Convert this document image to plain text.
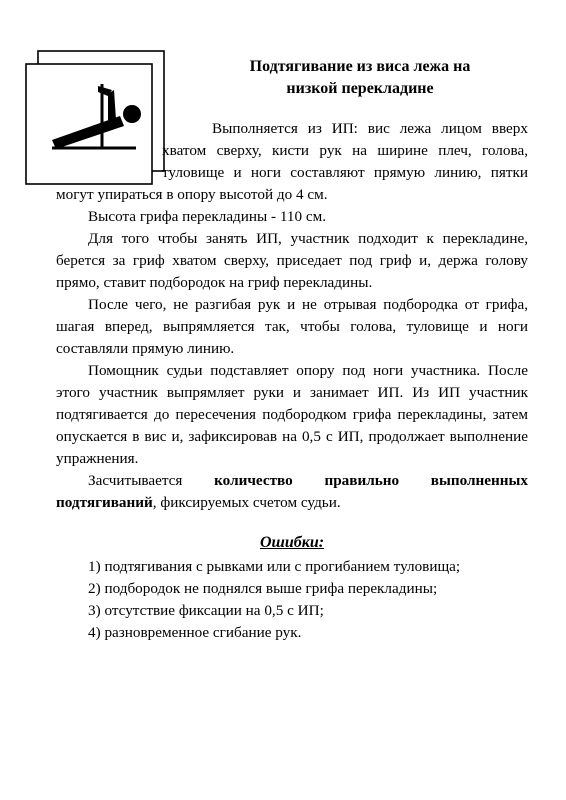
Подтягивание из виса лежа на
низкой перекладине

Выполняется из ИП: вис лежа лицом вверх хватом сверху, кисти рук на ширине плеч, голова, туловище и ноги составляют прямую линию, пятки могут упираться в опору высотой до 4 см.

Высота грифа перекладины - 110 см.

Для того чтобы занять ИП, участник подходит к перекладине, берется за гриф хватом сверху, приседает под гриф и, держа голову прямо, ставит подбородок на гриф перекладины.

После чего, не разгибая рук и не отрывая подбородка от грифа, шагая вперед, выпрямляется так, чтобы голова, туловище и ноги составляли прямую линию.

Помощник судьи подставляет опору под ноги участника. После этого участник выпрямляет руки и занимает ИП. Из ИП участник подтягивается до пересечения подбородком грифа перекладины, затем опускается в вис и, зафиксировав на 0,5 с ИП, продолжает выполнение упражнения.

Засчитывается количество правильно выполненных подтягиваний, фиксируемых счетом судьи.

Ошибки:
1) подтягивания с рывками или с прогибанием туловища;
2) подбородок не поднялся выше грифа перекладины;
3) отсутствие фиксации на 0,5 с ИП;
4) разновременное сгибание рук.
